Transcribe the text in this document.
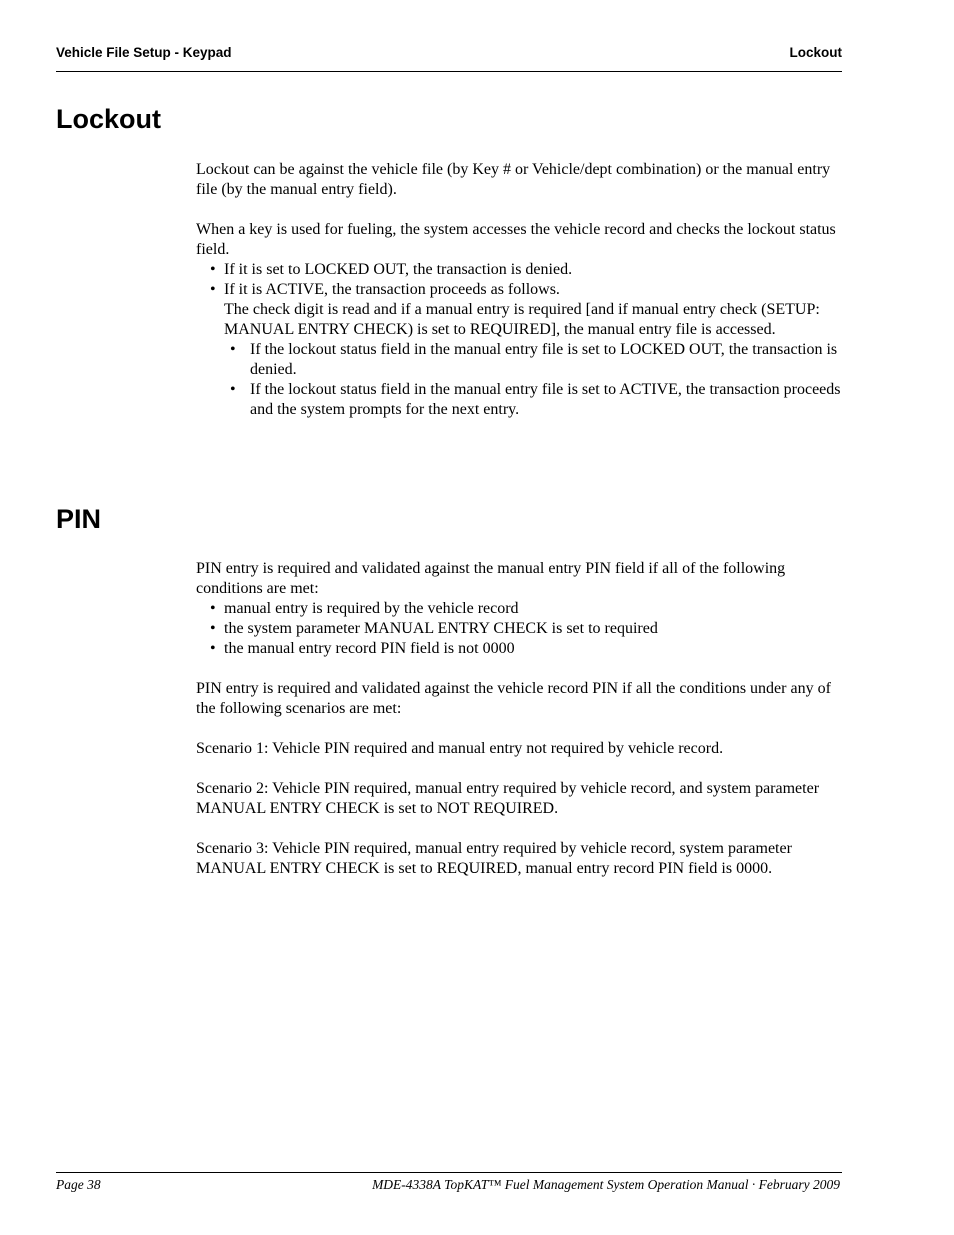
Vehicle File Setup - Keypad	Lockout
Lockout

Lockout can be against the vehicle file (by Key # or Vehicle/dept combination) or the manual entry file (by the manual entry field).

When a key is used for fueling, the system accesses the vehicle record and checks the lockout status field.

• If it is set to LOCKED OUT, the transaction is denied.
• If it is ACTIVE, the transaction proceeds as follows.

The check digit is read and if a manual entry is required [and if manual entry check (SETUP: MANUAL ENTRY CHECK) is set to REQUIRED], the manual entry file is accessed.

• If the lockout status field in the manual entry file is set to LOCKED OUT, the transaction is denied.
• If the lockout status field in the manual entry file is set to ACTIVE, the transaction proceeds and the system prompts for the next entry.
PIN

PIN entry is required and validated against the manual entry PIN field if all of the following conditions are met:

• manual entry is required by the vehicle record
• the system parameter MANUAL ENTRY CHECK is set to required
• the manual entry record PIN field is not 0000

PIN entry is required and validated against the vehicle record PIN if all the conditions under any of the following scenarios are met:

Scenario 1: Vehicle PIN required and manual entry not required by vehicle record.

Scenario 2: Vehicle PIN required, manual entry required by vehicle record, and system parameter MANUAL ENTRY CHECK is set to NOT REQUIRED.

Scenario 3: Vehicle PIN required, manual entry required by vehicle record, system parameter MANUAL ENTRY CHECK is set to REQUIRED, manual entry record PIN field is 0000.

Page 38	MDE-4338A TopKAT™ Fuel Management System Operation Manual · February 2009
